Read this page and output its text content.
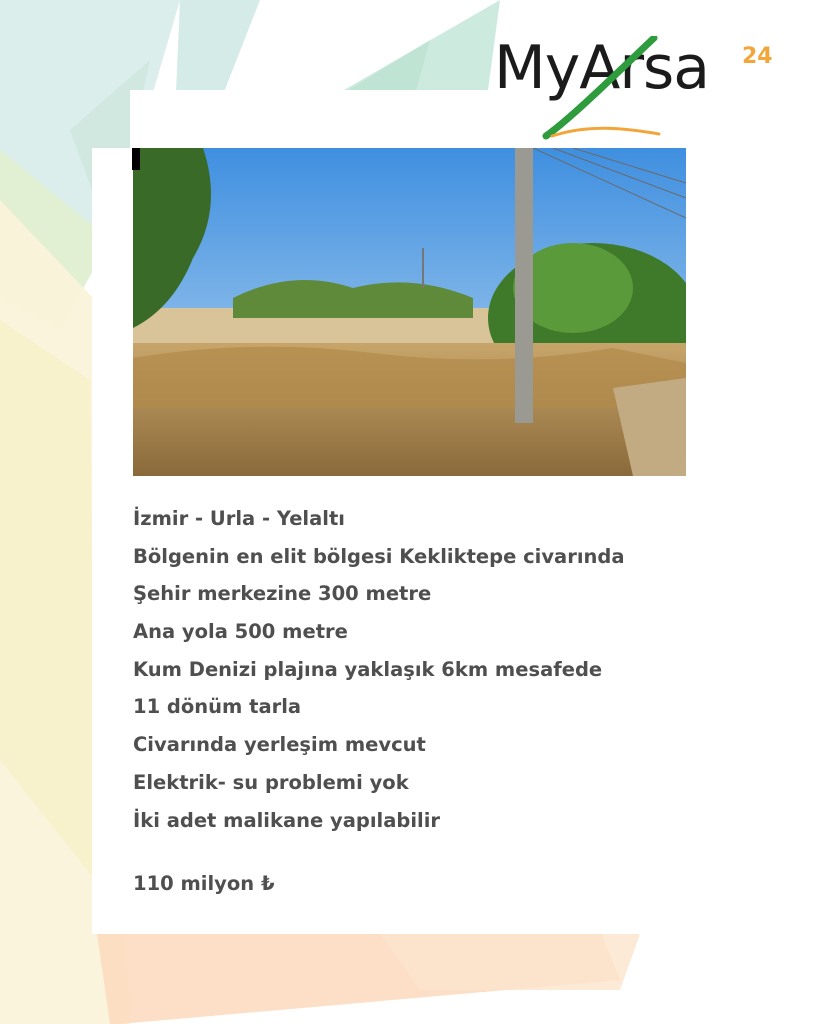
MyArsa 24
İzmir - Urla - Yelaltı
Bölgenin en elit bölgesi Kekliktepe civarında
Şehir merkezine 300 metre
Ana yola 500 metre
Kum Denizi plajına yaklaşık 6km mesafede
11 dönüm tarla
Civarında yerleşim mevcut
Elektrik- su problemi yok
İki adet malikane yapılabilir
110 milyon ₺
